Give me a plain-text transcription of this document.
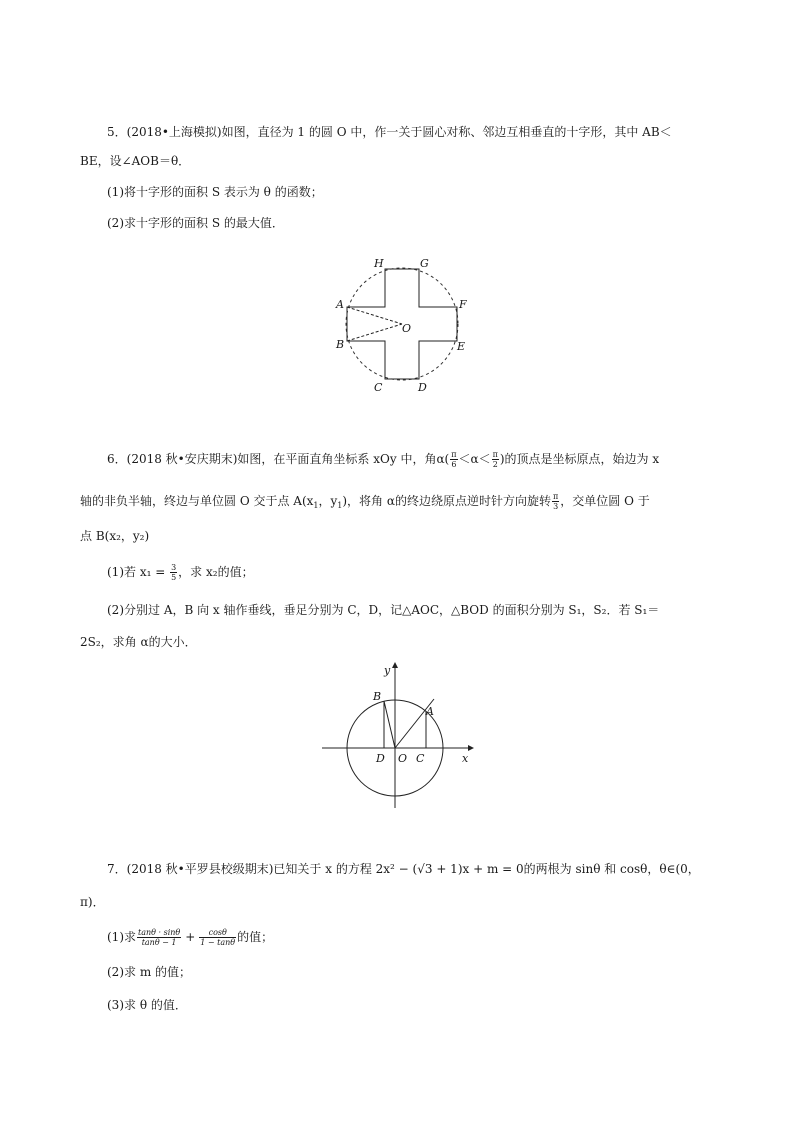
5．(2018•上海模拟)如图，直径为 1 的圆 O 中，作一关于圆心对称、邻边互相垂直的十字形，其中 AB＜
BE，设∠AOB＝θ．
(1)将十字形的面积 S 表示为 θ 的函数；
(2)求十字形的面积 S 的最大值．
H	G
A	F
O
B	E
C	D
6．(2018 秋•安庆期末)如图，在平面直角坐标系 xOy 中，角$\alpha( \frac{\pi}{6} <\alpha< \frac{\pi}{2}$ )的顶点是坐标原点，始边为 x
轴的非负半轴，终边与单位圆 O 交于点 $A(x_1$，$y_1$)，将角 α的终边绕原点逆时针方向旋转 $\frac{\pi}{3}$ ，交单位圆 O 于
点 B(x₂，y₂)
(1)若 $x_1 = \frac{3}{5}$ ，求 x₂的值；
(2)分别过 A，B 向 x 轴作垂线，垂足分别为 C，D，记△AOC，△BOD 的面积分别为 S₁，S₂．若 S₁＝
2S₂，求角 α的大小．
y
B
A
D O C	x
7．(2018 秋•平罗县校级期末)已知关于 x 的方程 2x² − (√3 + 1)x + m = 0的两根为 sinθ 和 cosθ，θ∈(0，
π)．
(1)求 $\frac{\tan\theta \cdot \sin\theta}{\tan\theta - 1} + \frac{\cos\theta}{1 - \tan\theta}$ 的值；
(2)求 m 的值；
(3)求 θ 的值．
